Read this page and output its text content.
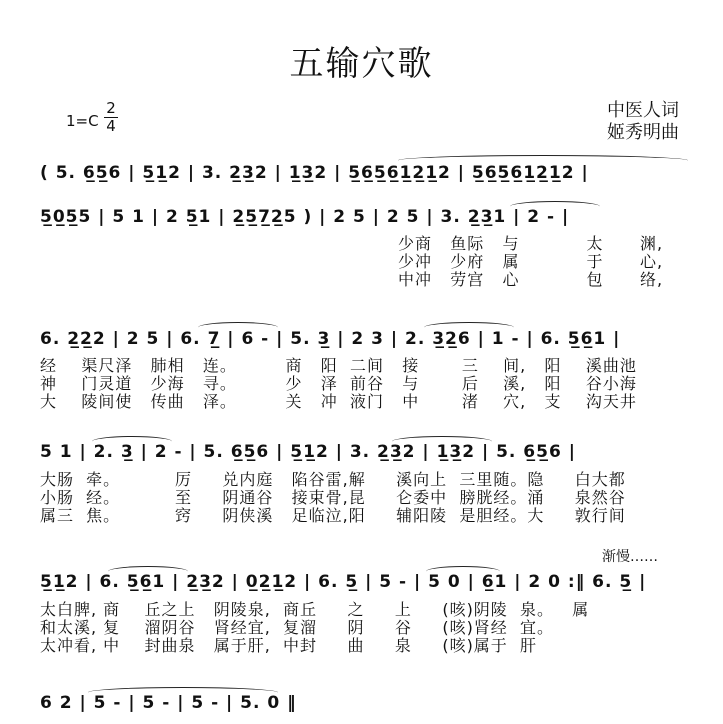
五输穴歌
1=C
2
4
中医人词
姬秀明曲
( 5. 6̲5̲6 | 5̲1̲2 | 3. 2̲3̲2 | 1̲3̲2 | 5̲6̲5̲6̲1̲2̲1̲2 | 5̲6̲5̲6̲1̲2̲1̲2 |
5̲0̲5̲5 | 5 1 | 2 5̲1 | 2̲5̲7̲2̲5 ) | 2 5 | 2 5 | 3. 2̲3̲1 | 2 - |
少商   鱼际   与           太      渊,
少冲   少府   属           于      心,
中冲   劳宫   心           包      络,
6. 2̲2̲2 | 2 5 | 6. 7̲ | 6 - | 5. 3̲ | 2 3 | 2. 3̲2̲6 | 1 - | 6. 5̲6̲1 |
经    渠尺泽   肺相   连。        商   阳  二间   接       三    间,   阳    溪曲池
神    门灵道   少海   寻。        少   泽  前谷   与       后    溪,   阳    谷小海
大    陵间使   传曲   泽。        关   冲  液门   中       渚    穴,   支    沟天井
5 1 | 2. 3̲ | 2 - | 5. 6̲5̲6 | 5̲1̲2 | 3. 2̲3̲2 | 1̲3̲2 | 5. 6̲5̲6 |
大肠  牵。         厉     兑内庭   陷谷雷,解     溪向上  三里随。隐     白大都
小肠  经。         至     阴通谷   接束骨,昆     仑委中  膀胱经。涌     泉然谷
属三  焦。         窍     阴侠溪   足临泣,阳     辅阳陵  是胆经。大     敦行间
渐慢……
5̲1̲2 | 6. 5̲6̲1 | 2̲3̲2 | 0̲2̲1̲2 | 6. 5̲ | 5 - | 5 0 | 6̲1 | 2 0 :‖ 6. 5̲ |
太白脾, 商    丘之上   阴陵泉,  商丘     之     上     (咳)阴陵  泉。   属
和太溪, 复    溜阴谷   肾经宜,  复溜     阴     谷     (咳)肾经  宜。
太冲看, 中    封曲泉   属于肝,  中封     曲     泉     (咳)属于  肝
6 2 | 5 - | 5 - | 5 - | 5. 0 ‖
